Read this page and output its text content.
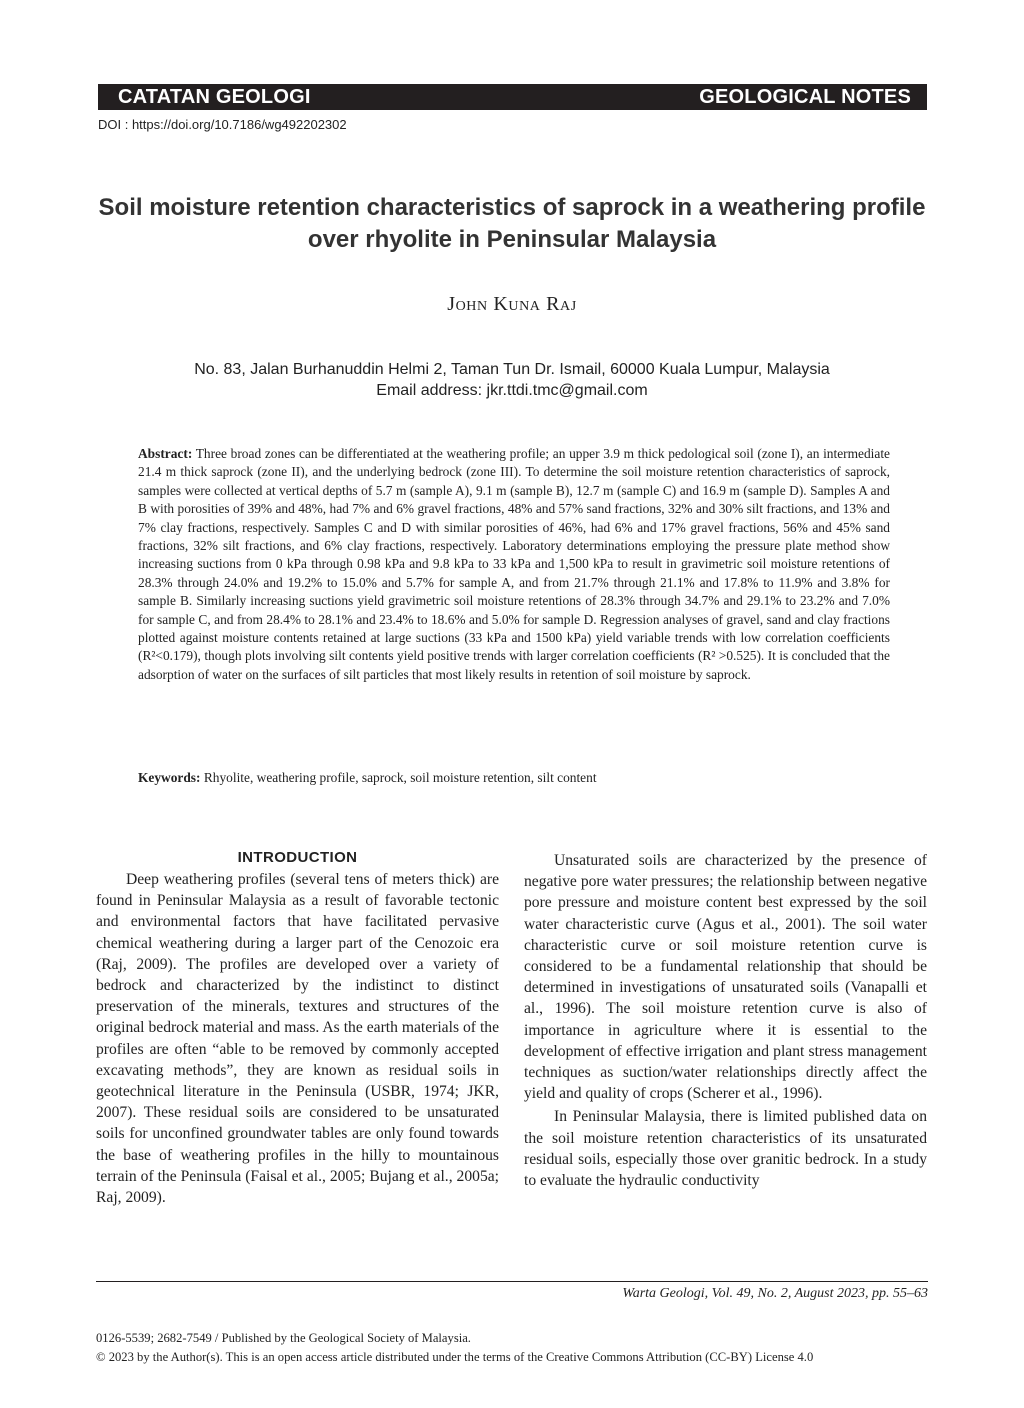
CATATAN GEOLOGI	GEOLOGICAL NOTES
DOI : https://doi.org/10.7186/wg492202302
Soil moisture retention characteristics of saprock in a weathering profile over rhyolite in Peninsular Malaysia
John Kuna Raj
No. 83, Jalan Burhanuddin Helmi 2, Taman Tun Dr. Ismail, 60000 Kuala Lumpur, Malaysia
Email address: jkr.ttdi.tmc@gmail.com
Abstract: Three broad zones can be differentiated at the weathering profile; an upper 3.9 m thick pedological soil (zone I), an intermediate 21.4 m thick saprock (zone II), and the underlying bedrock (zone III). To determine the soil moisture retention characteristics of saprock, samples were collected at vertical depths of 5.7 m (sample A), 9.1 m (sample B), 12.7 m (sample C) and 16.9 m (sample D). Samples A and B with porosities of 39% and 48%, had 7% and 6% gravel fractions, 48% and 57% sand fractions, 32% and 30% silt fractions, and 13% and 7% clay fractions, respectively. Samples C and D with similar porosities of 46%, had 6% and 17% gravel fractions, 56% and 45% sand fractions, 32% silt fractions, and 6% clay fractions, respectively. Laboratory determinations employing the pressure plate method show increasing suctions from 0 kPa through 0.98 kPa and 9.8 kPa to 33 kPa and 1,500 kPa to result in gravimetric soil moisture retentions of 28.3% through 24.0% and 19.2% to 15.0% and 5.7% for sample A, and from 21.7% through 21.1% and 17.8% to 11.9% and 3.8% for sample B. Similarly increasing suctions yield gravimetric soil moisture retentions of 28.3% through 34.7% and 29.1% to 23.2% and 7.0% for sample C, and from 28.4% to 28.1% and 23.4% to 18.6% and 5.0% for sample D. Regression analyses of gravel, sand and clay fractions plotted against moisture contents retained at large suctions (33 kPa and 1500 kPa) yield variable trends with low correlation coefficients (R²<0.179), though plots involving silt contents yield positive trends with larger correlation coefficients (R² >0.525). It is concluded that the adsorption of water on the surfaces of silt particles that most likely results in retention of soil moisture by saprock.
Keywords: Rhyolite, weathering profile, saprock, soil moisture retention, silt content
INTRODUCTION

Deep weathering profiles (several tens of meters thick) are found in Peninsular Malaysia as a result of favorable tectonic and environmental factors that have facilitated pervasive chemical weathering during a larger part of the Cenozoic era (Raj, 2009). The profiles are developed over a variety of bedrock and characterized by the indistinct to distinct preservation of the minerals, textures and structures of the original bedrock material and mass. As the earth materials of the profiles are often “able to be removed by commonly accepted excavating methods”, they are known as residual soils in geotechnical literature in the Peninsula (USBR, 1974; JKR, 2007). These residual soils are considered to be unsaturated soils for unconfined groundwater tables are only found towards the base of weathering profiles in the hilly to mountainous terrain of the Peninsula (Faisal et al., 2005; Bujang et al., 2005a; Raj, 2009).

Unsaturated soils are characterized by the presence of negative pore water pressures; the relationship between negative pore pressure and moisture content best expressed by the soil water characteristic curve (Agus et al., 2001). The soil water characteristic curve or soil moisture retention curve is considered to be a fundamental relationship that should be determined in investigations of unsaturated soils (Vanapalli et al., 1996). The soil moisture retention curve is also of importance in agriculture where it is essential to the development of effective irrigation and plant stress management techniques as suction/water relationships directly affect the yield and quality of crops (Scherer et al., 1996).

In Peninsular Malaysia, there is limited published data on the soil moisture retention characteristics of its unsaturated residual soils, especially those over granitic bedrock. In a study to evaluate the hydraulic conductivity

Warta Geologi, Vol. 49, No. 2, August 2023, pp. 55–63
0126-5539; 2682-7549 / Published by the Geological Society of Malaysia.
© 2023 by the Author(s). This is an open access article distributed under the terms of the Creative Commons Attribution (CC-BY) License 4.0
